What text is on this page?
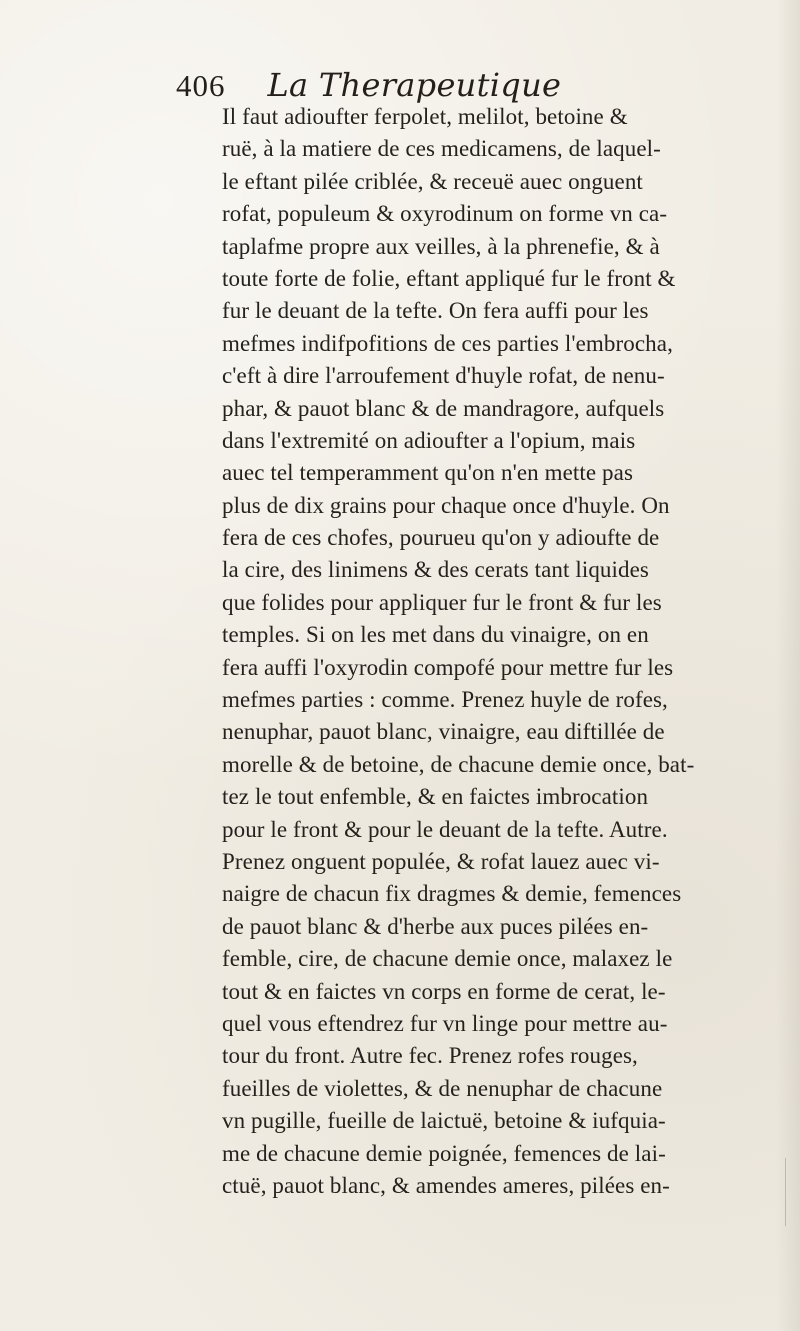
406 La Therapeutique
Il faut adioufter ferpolet, melilot, betoine &
ruë, à la matiere de ces medicamens, de laquel-
le eftant pilée criblée, & receuë auec onguent
rofat, populeum & oxyrodinum on forme vn ca-
taplafme propre aux veilles, à la phrenefie, & à
toute forte de folie, eftant appliqué fur le front &
fur le deuant de la tefte. On fera auffi pour les
mefmes indifpofitions de ces parties l'embrocha,
c'eft à dire l'arroufement d'huyle rofat, de nenu-
phar, & pauot blanc & de mandragore, aufquels
dans l'extremité on adioufter a l'opium, mais
auec tel temperamment qu'on n'en mette pas
plus de dix grains pour chaque once d'huyle. On
fera de ces chofes, pourueu qu'on y adioufte de
la cire, des linimens & des cerats tant liquides
que folides pour appliquer fur le front & fur les
temples. Si on les met dans du vinaigre, on en
fera auffi l'oxyrodin compofé pour mettre fur les
mefmes parties : comme. Prenez huyle de rofes,
nenuphar, pauot blanc, vinaigre, eau diftillée de
morelle & de betoine, de chacune demie once, bat-
tez le tout enfemble, & en faictes imbrocation
pour le front & pour le deuant de la tefte. Autre.
Prenez onguent populée, & rofat lauez auec vi-
naigre de chacun fix dragmes & demie, femences
de pauot blanc & d'herbe aux puces pilées en-
femble, cire, de chacune demie once, malaxez le
tout & en faictes vn corps en forme de cerat, le-
quel vous eftendrez fur vn linge pour mettre au-
tour du front. Autre fec. Prenez rofes rouges,
fueilles de violettes, & de nenuphar de chacune
vn pugille, fueille de laictuë, betoine & iufquia-
me de chacune demie poignée, femences de lai-
ctuë, pauot blanc, & amendes ameres, pilées en-
